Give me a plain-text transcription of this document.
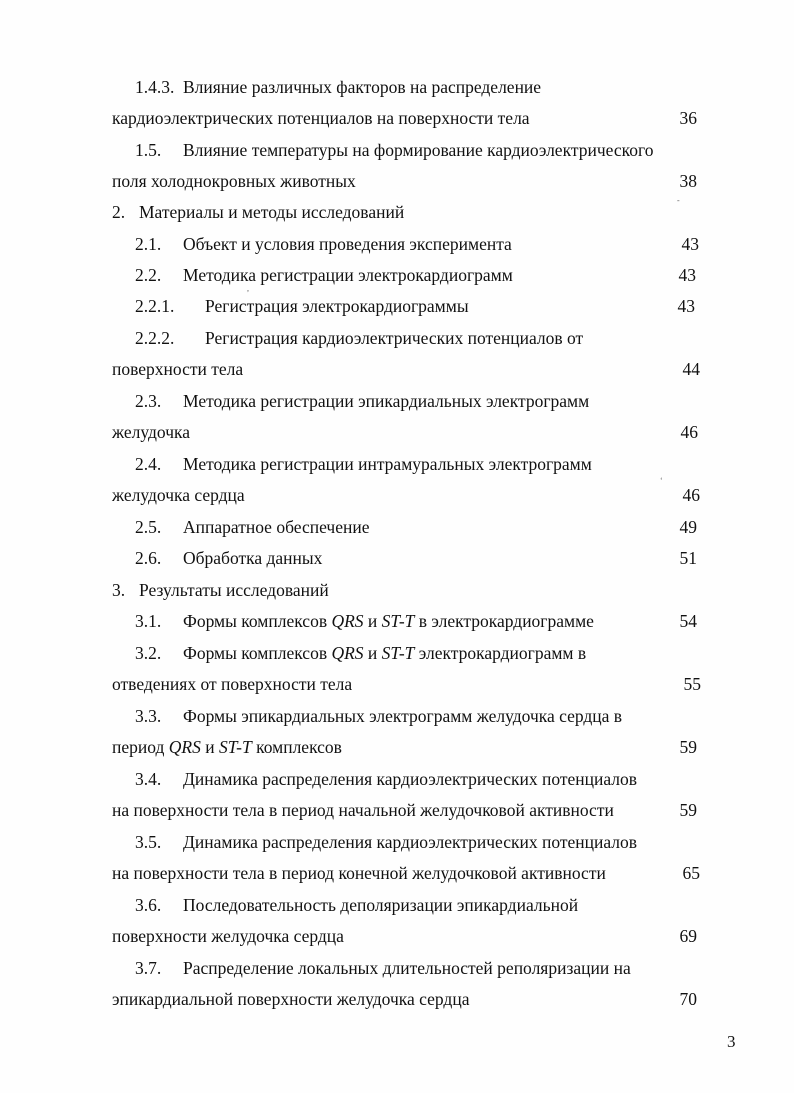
1.4.3. Влияние различных факторов на распределение
кардиоэлектрических потенциалов на поверхности тела	36
1.5. Влияние температуры на формирование кардиоэлектрического
поля холоднокровных животных	38
2. Материалы и методы исследований
2.1. Объект и условия проведения эксперимента	43
2.2. Методика регистрации электрокардиограмм	43
2.2.1. Регистрация электрокардиограммы	43
2.2.2. Регистрация кардиоэлектрических потенциалов от
поверхности тела	44
2.3. Методика регистрации эпикардиальных электрограмм
желудочка	46
2.4. Методика регистрации интрамуральных электрограмм
желудочка сердца	46
2.5. Аппаратное обеспечение	49
2.6. Обработка данных	51
3. Результаты исследований
3.1. Формы комплексов QRS и ST-T в электрокардиограмме	54
3.2. Формы комплексов QRS и ST-T электрокардиограмм в
отведениях от поверхности тела	55
3.3. Формы эпикардиальных электрограмм желудочка сердца в
период QRS и ST-T комплексов	59
3.4. Динамика распределения кардиоэлектрических потенциалов
на поверхности тела в период начальной желудочковой активности	59
3.5. Динамика распределения кардиоэлектрических потенциалов
на поверхности тела в период конечной желудочковой активности	65
3.6. Последовательность деполяризации эпикардиальной
поверхности желудочка сердца	69
3.7. Распределение локальных длительностей реполяризации на
эпикардиальной поверхности желудочка сердца	70
-
,
‘
3
